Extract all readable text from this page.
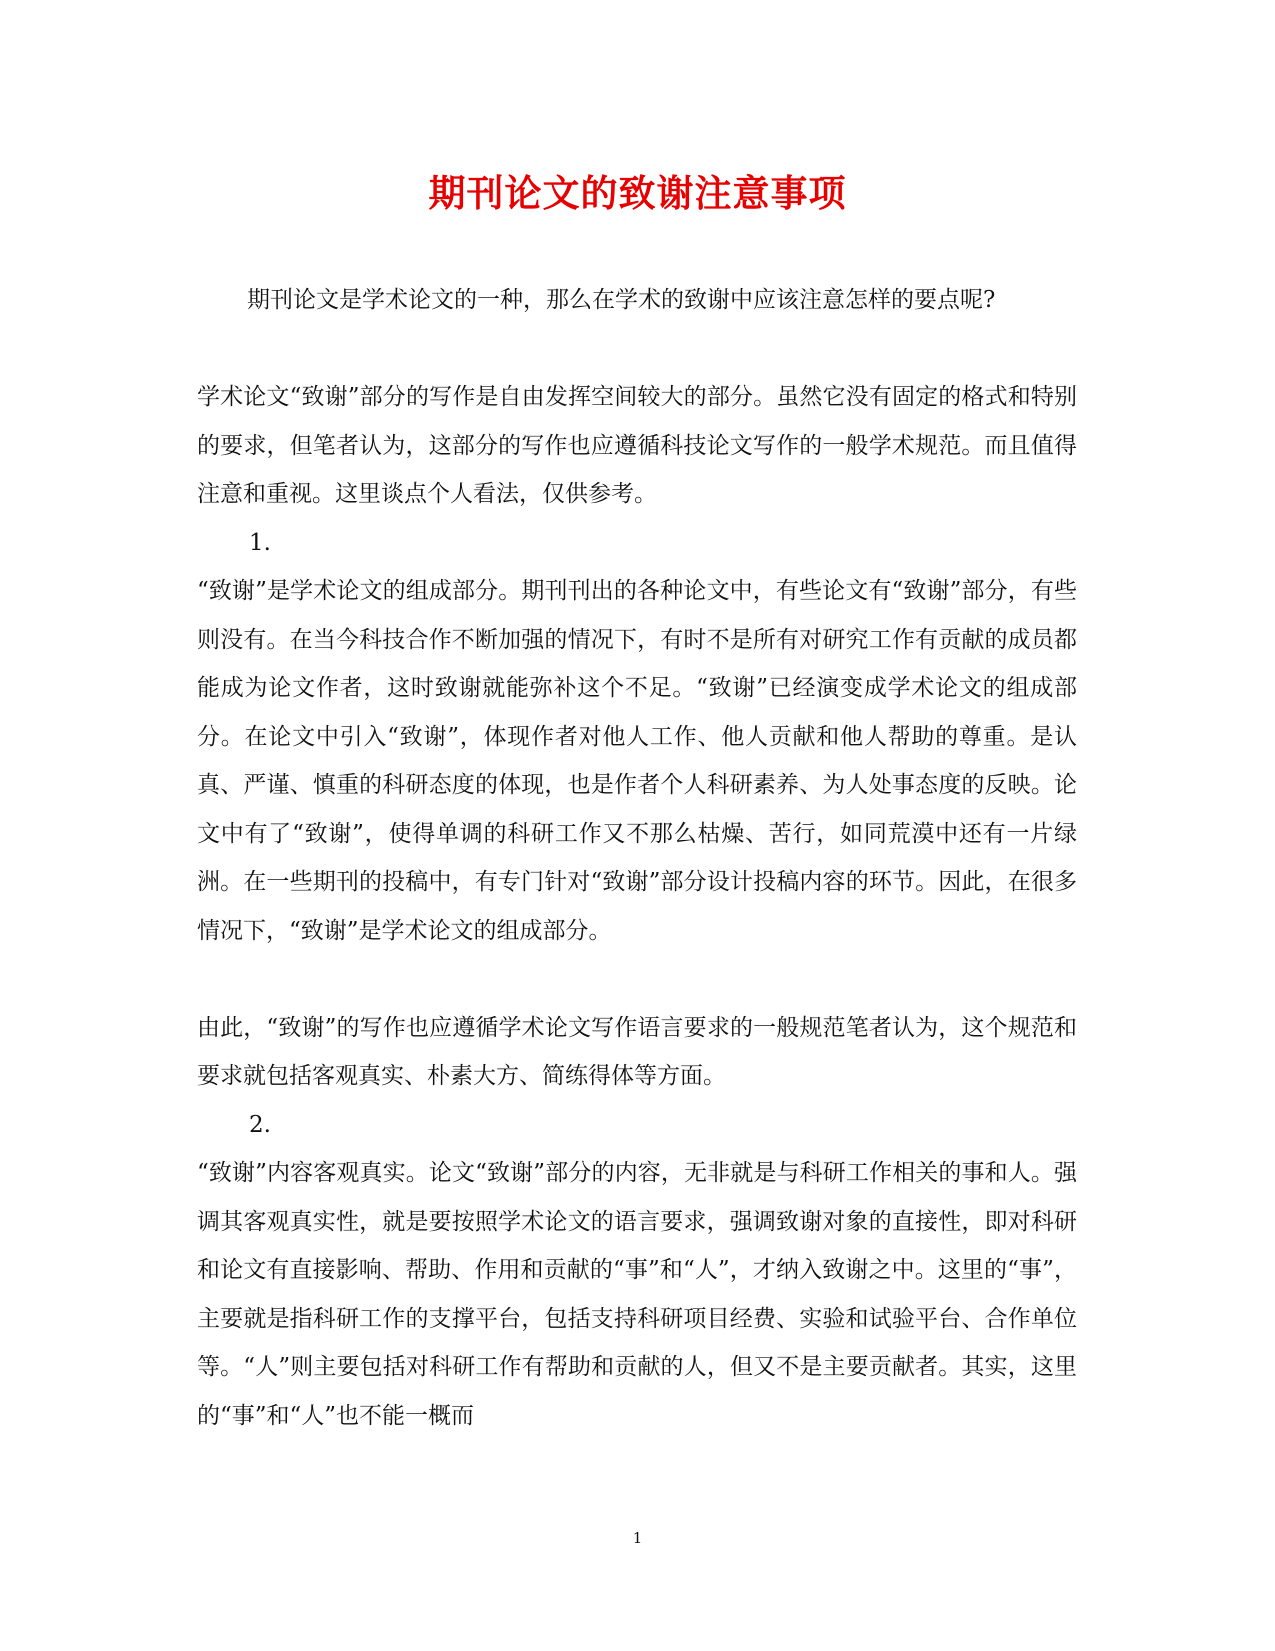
期刊论文的致谢注意事项

期刊论文是学术论文的一种，那么在学术的致谢中应该注意怎样的要点呢?

学术论文“致谢”部分的写作是自由发挥空间较大的部分。虽然它没有固定的格式和特别的要求，但笔者认为，这部分的写作也应遵循科技论文写作的一般学术规范。而且值得注意和重视。这里谈点个人看法，仅供参考。

1.

“致谢”是学术论文的组成部分。期刊刊出的各种论文中，有些论文有“致谢”部分，有些则没有。在当今科技合作不断加强的情况下，有时不是所有对研究工作有贡献的成员都能成为论文作者，这时致谢就能弥补这个不足。“致谢”已经演变成学术论文的组成部分。在论文中引入“致谢”，体现作者对他人工作、他人贡献和他人帮助的尊重。是认真、严谨、慎重的科研态度的体现，也是作者个人科研素养、为人处事态度的反映。论文中有了“致谢”，使得单调的科研工作又不那么枯燥、苦行，如同荒漠中还有一片绿洲。在一些期刊的投稿中，有专门针对“致谢”部分设计投稿内容的环节。因此，在很多情况下，“致谢”是学术论文的组成部分。

由此，“致谢”的写作也应遵循学术论文写作语言要求的一般规范笔者认为，这个规范和要求就包括客观真实、朴素大方、简练得体等方面。

2.

“致谢”内容客观真实。论文“致谢”部分的内容，无非就是与科研工作相关的事和人。强调其客观真实性，就是要按照学术论文的语言要求，强调致谢对象的直接性，即对科研和论文有直接影响、帮助、作用和贡献的“事”和“人”，才纳入致谢之中。这里的“事”，主要就是指科研工作的支撑平台，包括支持科研项目经费、实验和试验平台、合作单位等。“人”则主要包括对科研工作有帮助和贡献的人，但又不是主要贡献者。其实，这里的“事”和“人”也不能一概而

1
